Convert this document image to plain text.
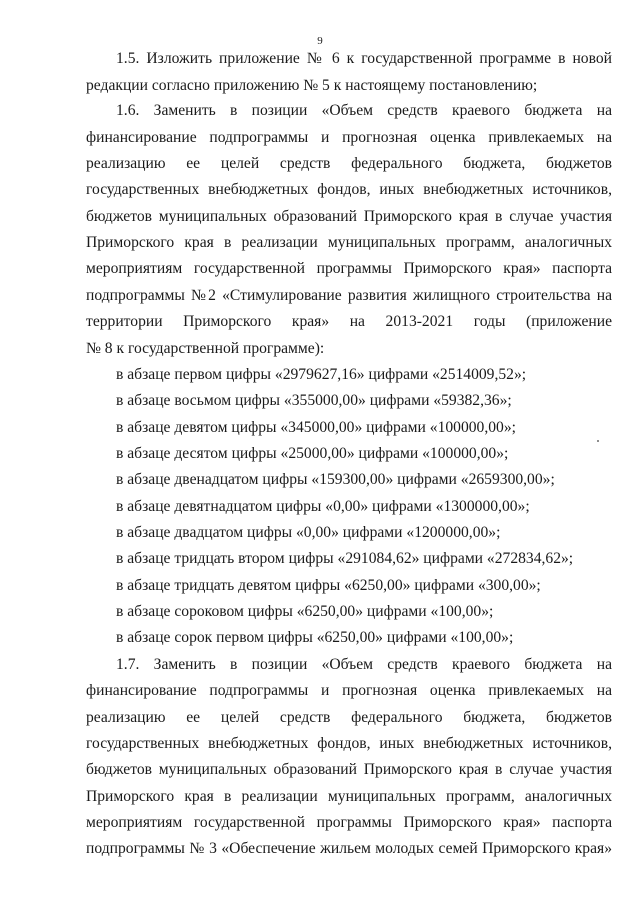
9
1.5. Изложить приложение № 6 к государственной программе в новой
редакции согласно приложению № 5 к настоящему постановлению;
1.6. Заменить в позиции «Объем средств краевого бюджета на
финансирование подпрограммы и прогнозная оценка привлекаемых на
реализацию ее целей средств федерального бюджета, бюджетов
государственных внебюджетных фондов, иных внебюджетных источников,
бюджетов муниципальных образований Приморского края в случае участия
Приморского края в реализации муниципальных программ, аналогичных
мероприятиям государственной программы Приморского края» паспорта
подпрограммы №2 «Стимулирование развития жилищного строительства на
территории Приморского края» на 2013-2021 годы (приложение
№ 8 к государственной программе):
в абзаце первом цифры «2979627,16» цифрами «2514009,52»;
в абзаце восьмом цифры «355000,00» цифрами «59382,36»;
в абзаце девятом цифры «345000,00» цифрами «100000,00»;
в абзаце десятом цифры «25000,00» цифрами «100000,00»;
в абзаце двенадцатом цифры «159300,00» цифрами «2659300,00»;
в абзаце девятнадцатом цифры «0,00» цифрами «1300000,00»;
в абзаце двадцатом цифры «0,00» цифрами «1200000,00»;
в абзаце тридцать втором цифры «291084,62» цифрами «272834,62»;
в абзаце тридцать девятом цифры «6250,00» цифрами «300,00»;
в абзаце сороковом цифры «6250,00» цифрами «100,00»;
в абзаце сорок первом цифры «6250,00» цифрами «100,00»;
1.7. Заменить в позиции «Объем средств краевого бюджета на
финансирование подпрограммы и прогнозная оценка привлекаемых на
реализацию ее целей средств федерального бюджета, бюджетов
государственных внебюджетных фондов, иных внебюджетных источников,
бюджетов муниципальных образований Приморского края в случае участия
Приморского края в реализации муниципальных программ, аналогичных
мероприятиям государственной программы Приморского края» паспорта
подпрограммы № 3 «Обеспечение жильем молодых семей Приморского края»
